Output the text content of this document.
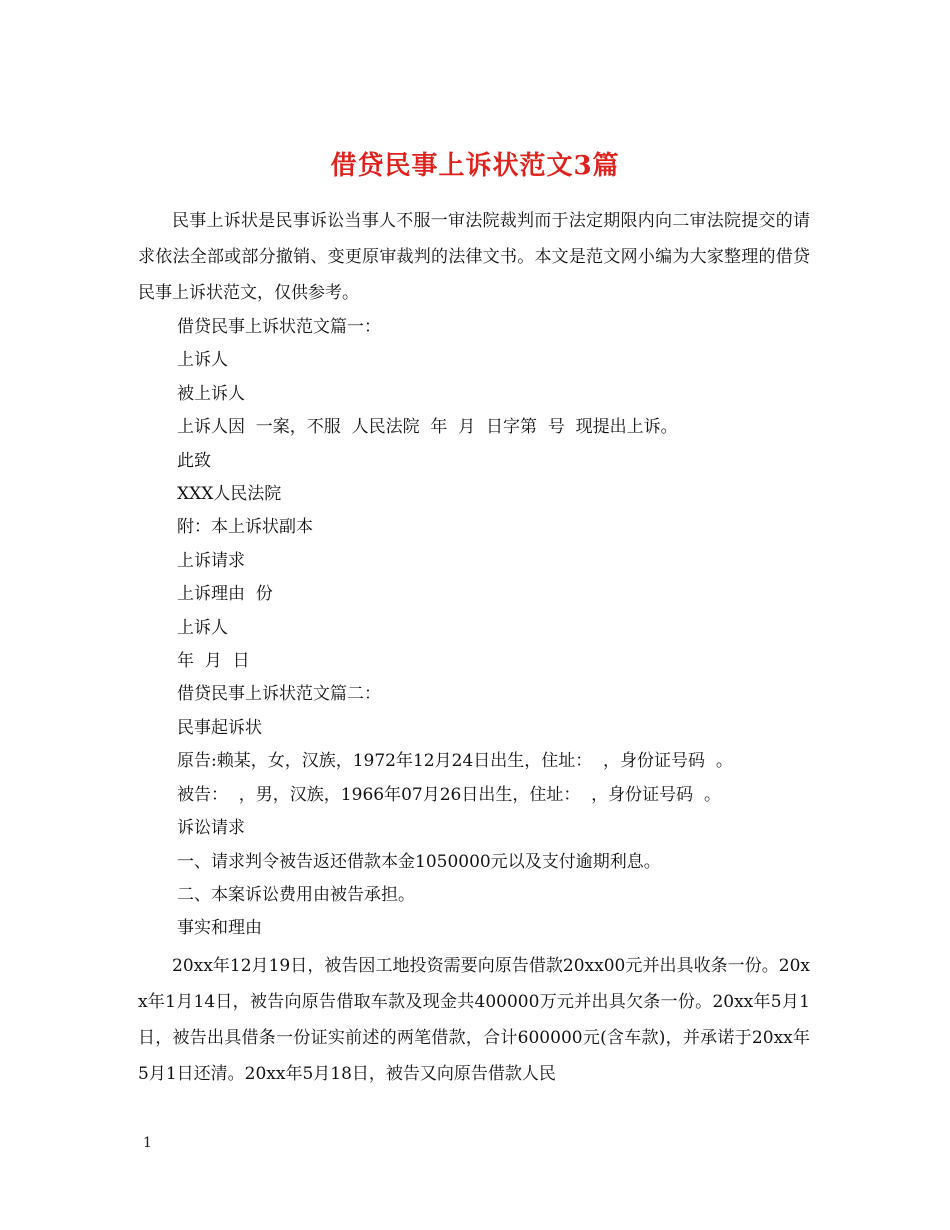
借贷民事上诉状范文3篇

民事上诉状是民事诉讼当事人不服一审法院裁判而于法定期限内向二审法院提交的请求依法全部或部分撤销、变更原审裁判的法律文书。本文是范文网小编为大家整理的借贷民事上诉状范文，仅供参考。

借贷民事上诉状范文篇一：

上诉人

被上诉人

上诉人因  一案，不服  人民法院  年  月  日字第  号  现提出上诉。

此致

XXX人民法院

附：本上诉状副本

上诉请求

上诉理由  份

上诉人

年  月  日

借贷民事上诉状范文篇二：

民事起诉状

原告:赖某，女，汉族，1972年12月24日出生，住址：  ，身份证号码  。

被告：  ，男，汉族，1966年07月26日出生，住址：  ，身份证号码  。

诉讼请求

一、请求判令被告返还借款本金1050000元以及支付逾期利息。

二、本案诉讼费用由被告承担。

事实和理由

20xx年12月19日，被告因工地投资需要向原告借款20xx00元并出具收条一份。20xx年1月14日，被告向原告借取车款及现金共400000万元并出具欠条一份。20xx年5月1日，被告出具借条一份证实前述的两笔借款，合计600000元(含车款)，并承诺于20xx年5月1日还清。20xx年5月18日，被告又向原告借款人民

1
